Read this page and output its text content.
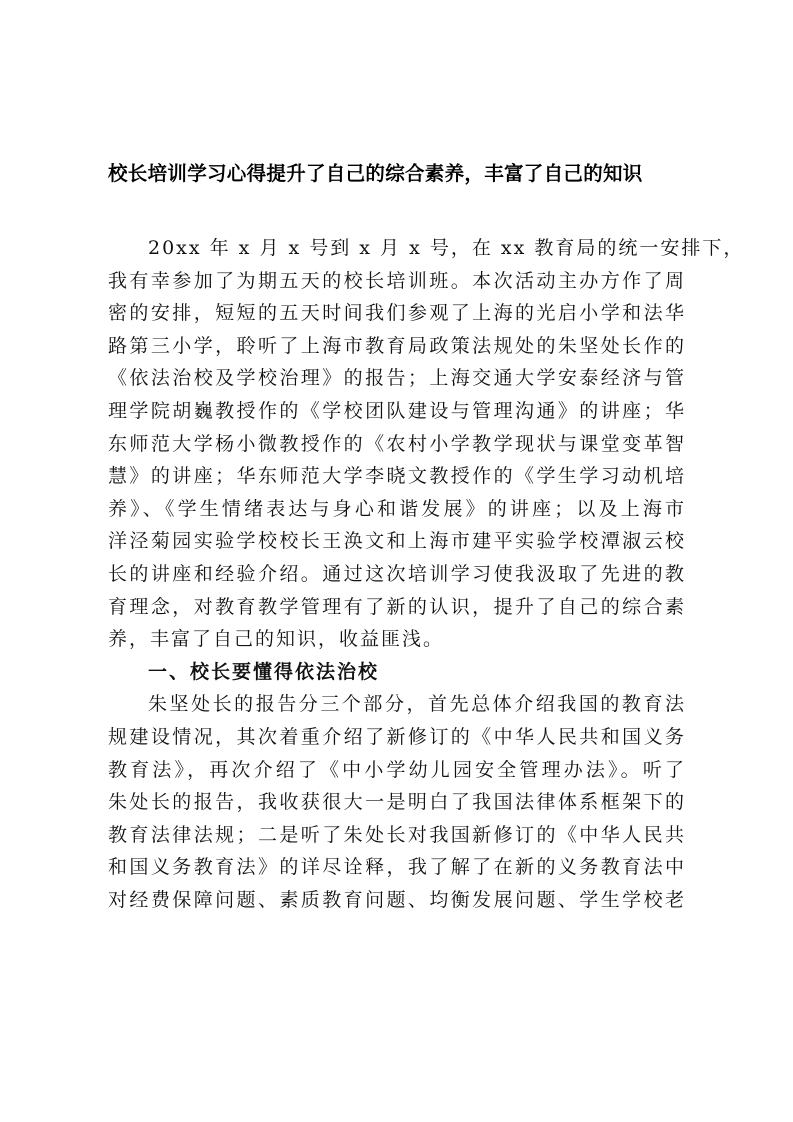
校长培训学习心得提升了自己的综合素养，丰富了自己的知识
20xx 年 x 月 x 号到 x 月 x 号，在 xx 教育局的统一安排下，
我有幸参加了为期五天的校长培训班。本次活动主办方作了周
密的安排，短短的五天时间我们参观了上海的光启小学和法华
路第三小学，聆听了上海市教育局政策法规处的朱坚处长作的
《依法治校及学校治理》的报告；上海交通大学安泰经济与管
理学院胡巍教授作的《学校团队建设与管理沟通》的讲座；华
东师范大学杨小微教授作的《农村小学教学现状与课堂变革智
慧》的讲座；华东师范大学李晓文教授作的《学生学习动机培
养》、《学生情绪表达与身心和谐发展》的讲座；以及上海市
洋泾菊园实验学校校长王涣文和上海市建平实验学校潭淑云校
长的讲座和经验介绍。通过这次培训学习使我汲取了先进的教
育理念，对教育教学管理有了新的认识，提升了自己的综合素
养，丰富了自己的知识，收益匪浅。
一、校长要懂得依法治校
朱坚处长的报告分三个部分，首先总体介绍我国的教育法
规建设情况，其次着重介绍了新修订的《中华人民共和国义务
教育法》，再次介绍了《中小学幼儿园安全管理办法》。听了
朱处长的报告，我收获很大一是明白了我国法律体系框架下的
教育法律法规；二是听了朱处长对我国新修订的《中华人民共
和国义务教育法》的详尽诠释，我了解了在新的义务教育法中
对经费保障问题、素质教育问题、均衡发展问题、学生学校老
